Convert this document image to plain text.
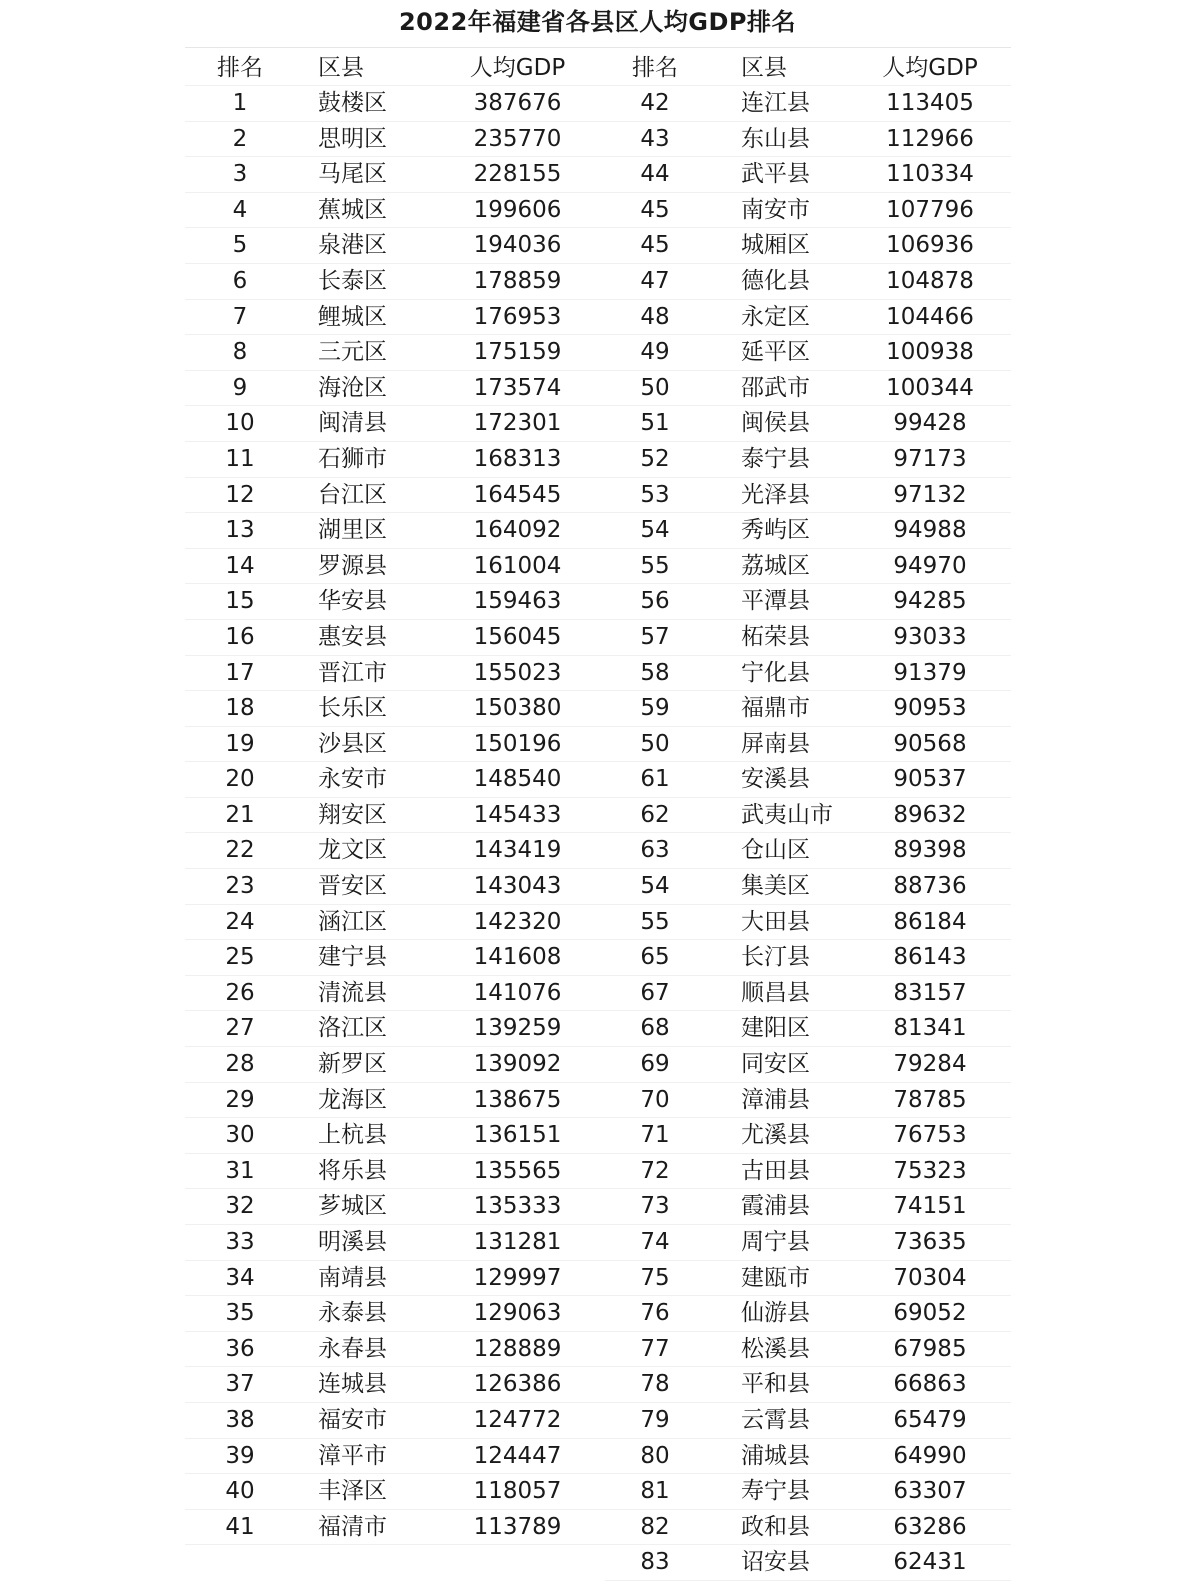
2022年福建省各县区人均GDP排名
排名	区县	人均GDP
1	鼓楼区	387676
2	思明区	235770
3	马尾区	228155
4	蕉城区	199606
5	泉港区	194036
6	长泰区	178859
7	鲤城区	176953
8	三元区	175159
9	海沧区	173574
10	闽清县	172301
11	石狮市	168313
12	台江区	164545
13	湖里区	164092
14	罗源县	161004
15	华安县	159463
16	惠安县	156045
17	晋江市	155023
18	长乐区	150380
19	沙县区	150196
20	永安市	148540
21	翔安区	145433
22	龙文区	143419
23	晋安区	143043
24	涵江区	142320
25	建宁县	141608
26	清流县	141076
27	洛江区	139259
28	新罗区	139092
29	龙海区	138675
30	上杭县	136151
31	将乐县	135565
32	芗城区	135333
33	明溪县	131281
34	南靖县	129997
35	永泰县	129063
36	永春县	128889
37	连城县	126386
38	福安市	124772
39	漳平市	124447
40	丰泽区	118057
41	福清市	113789
排名	区县	人均GDP
42	连江县	113405
43	东山县	112966
44	武平县	110334
45	南安市	107796
45	城厢区	106936
47	德化县	104878
48	永定区	104466
49	延平区	100938
50	邵武市	100344
51	闽侯县	99428
52	泰宁县	97173
53	光泽县	97132
54	秀屿区	94988
55	荔城区	94970
56	平潭县	94285
57	柘荣县	93033
58	宁化县	91379
59	福鼎市	90953
50	屏南县	90568
61	安溪县	90537
62	武夷山市	89632
63	仓山区	89398
54	集美区	88736
55	大田县	86184
65	长汀县	86143
67	顺昌县	83157
68	建阳区	81341
69	同安区	79284
70	漳浦县	78785
71	尤溪县	76753
72	古田县	75323
73	霞浦县	74151
74	周宁县	73635
75	建瓯市	70304
76	仙游县	69052
77	松溪县	67985
78	平和县	66863
79	云霄县	65479
80	浦城县	64990
81	寿宁县	63307
82	政和县	63286
83	诏安县	62431
